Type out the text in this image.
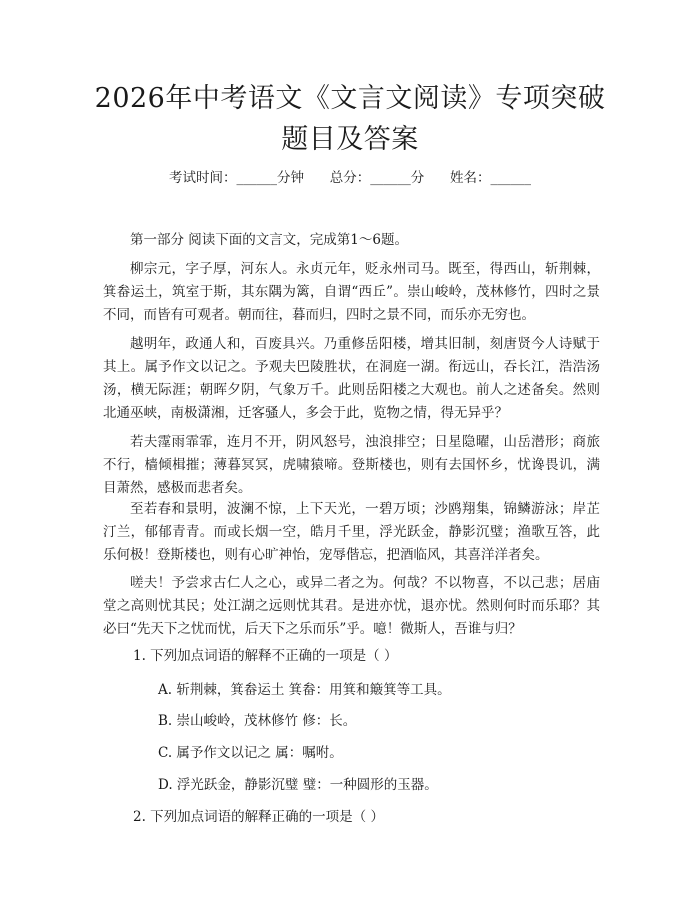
2026年中考语文《文言文阅读》专项突破题目及答案
考试时间：______分钟      总分：______分      姓名：______

第一部分 阅读下面的文言文，完成第1～6题。

柳宗元，字子厚，河东人。永贞元年，贬永州司马。既至，得西山，斩荆棘，箕畚运土，筑室于斯，其东隅为篱，自谓“西丘”。崇山峻岭，茂林修竹，四时之景不同，而皆有可观者。朝而往，暮而归，四时之景不同，而乐亦无穷也。

越明年，政通人和，百废具兴。乃重修岳阳楼，增其旧制，刻唐贤今人诗赋于其上。属予作文以记之。予观夫巴陵胜状，在洞庭一湖。衔远山，吞长江，浩浩汤汤，横无际涯；朝晖夕阴，气象万千。此则岳阳楼之大观也。前人之述备矣。然则北通巫峡，南极潇湘，迁客骚人，多会于此，览物之情，得无异乎？

若夫霪雨霏霏，连月不开，阴风怒号，浊浪排空；日星隐曜，山岳潜形；商旅不行，樯倾楫摧；薄暮冥冥，虎啸猿啼。登斯楼也，则有去国怀乡，忧谗畏讥，满目萧然，感极而悲者矣。

至若春和景明，波澜不惊，上下天光，一碧万顷；沙鸥翔集，锦鳞游泳；岸芷汀兰，郁郁青青。而或长烟一空，皓月千里，浮光跃金，静影沉璧；渔歌互答，此乐何极！登斯楼也，则有心旷神怡，宠辱偕忘，把酒临风，其喜洋洋者矣。

嗟夫！予尝求古仁人之心，或异二者之为。何哉？不以物喜，不以己悲；居庙堂之高则忧其民；处江湖之远则忧其君。是进亦忧，退亦忧。然则何时而乐耶？其必曰“先天下之忧而忧，后天下之乐而乐”乎。噫！微斯人，吾谁与归？

1. 下列加点词语的解释不正确的一项是（ ）

A. 斩荆棘，箕畚运土 箕畚：用箕和簸箕等工具。

B. 崇山峻岭，茂林修竹 修：长。

C. 属予作文以记之 属：嘱咐。

D. 浮光跃金，静影沉璧 璧：一种圆形的玉器。

2. 下列加点词语的解释正确的一项是（ ）
